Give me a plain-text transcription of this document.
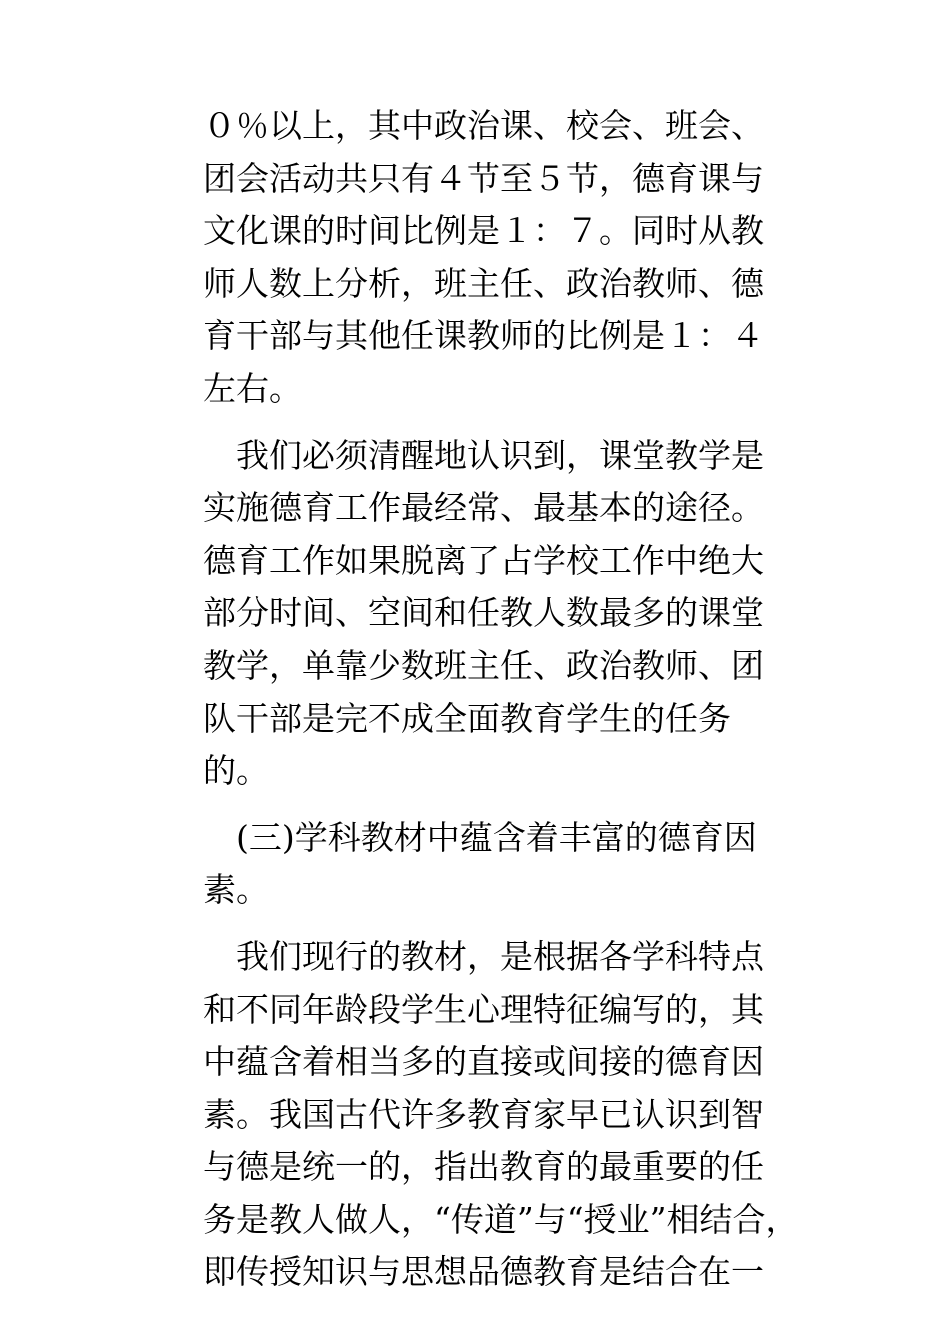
０％以上，其中政治课、校会、班会、
团会活动共只有４节至５节，德育课与
文化课的时间比例是１：７。同时从教
师人数上分析，班主任、政治教师、德
育干部与其他任课教师的比例是１：４
左右。
我们必须清醒地认识到，课堂教学是
实施德育工作最经常、最基本的途径。
德育工作如果脱离了占学校工作中绝大
部分时间、空间和任教人数最多的课堂
教学，单靠少数班主任、政治教师、团
队干部是完不成全面教育学生的任务
的。
(三)学科教材中蕴含着丰富的德育因
素。
我们现行的教材，是根据各学科特点
和不同年龄段学生心理特征编写的，其
中蕴含着相当多的直接或间接的德育因
素。我国古代许多教育家早已认识到智
与德是统一的，指出教育的最重要的任
务是教人做人，“传道”与“授业”相结合，
即传授知识与思想品德教育是结合在一
